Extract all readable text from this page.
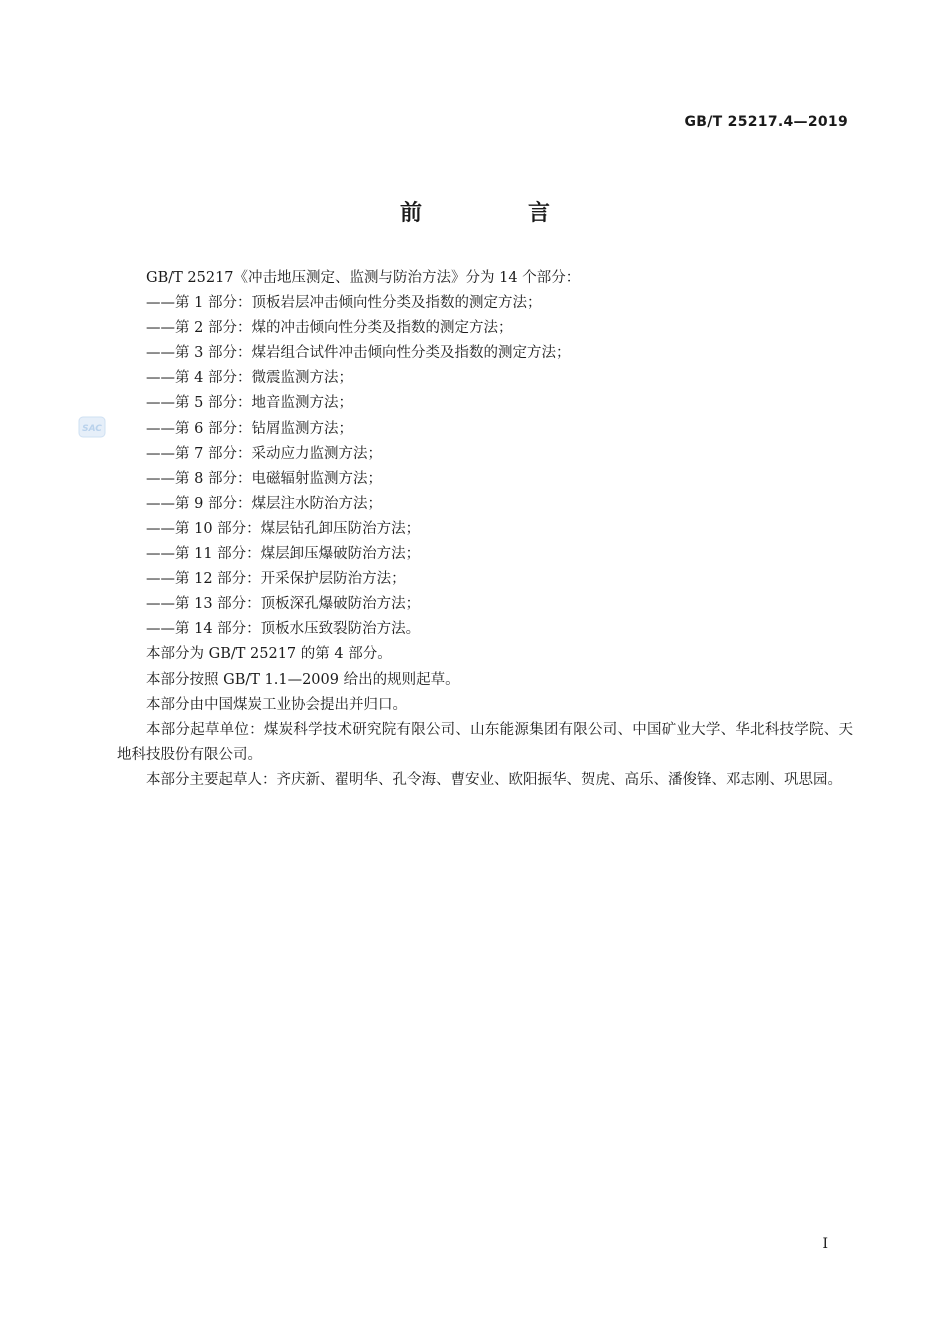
GB/T 25217.4—2019
前　言
SAC

GB/T 25217《冲击地压测定、监测与防治方法》分为 14 个部分：

——第 1 部分：顶板岩层冲击倾向性分类及指数的测定方法；

——第 2 部分：煤的冲击倾向性分类及指数的测定方法；

——第 3 部分：煤岩组合试件冲击倾向性分类及指数的测定方法；

——第 4 部分：微震监测方法；

——第 5 部分：地音监测方法；

——第 6 部分：钻屑监测方法；

——第 7 部分：采动应力监测方法；

——第 8 部分：电磁辐射监测方法；

——第 9 部分：煤层注水防治方法；

——第 10 部分：煤层钻孔卸压防治方法；

——第 11 部分：煤层卸压爆破防治方法；

——第 12 部分：开采保护层防治方法；

——第 13 部分：顶板深孔爆破防治方法；

——第 14 部分：顶板水压致裂防治方法。

本部分为 GB/T 25217 的第 4 部分。

本部分按照 GB/T 1.1—2009 给出的规则起草。

本部分由中国煤炭工业协会提出并归口。

本部分起草单位：煤炭科学技术研究院有限公司、山东能源集团有限公司、中国矿业大学、华北科技学院、天地科技股份有限公司。

本部分主要起草人：齐庆新、翟明华、孔令海、曹安业、欧阳振华、贺虎、高乐、潘俊锋、邓志刚、巩思园。

I
